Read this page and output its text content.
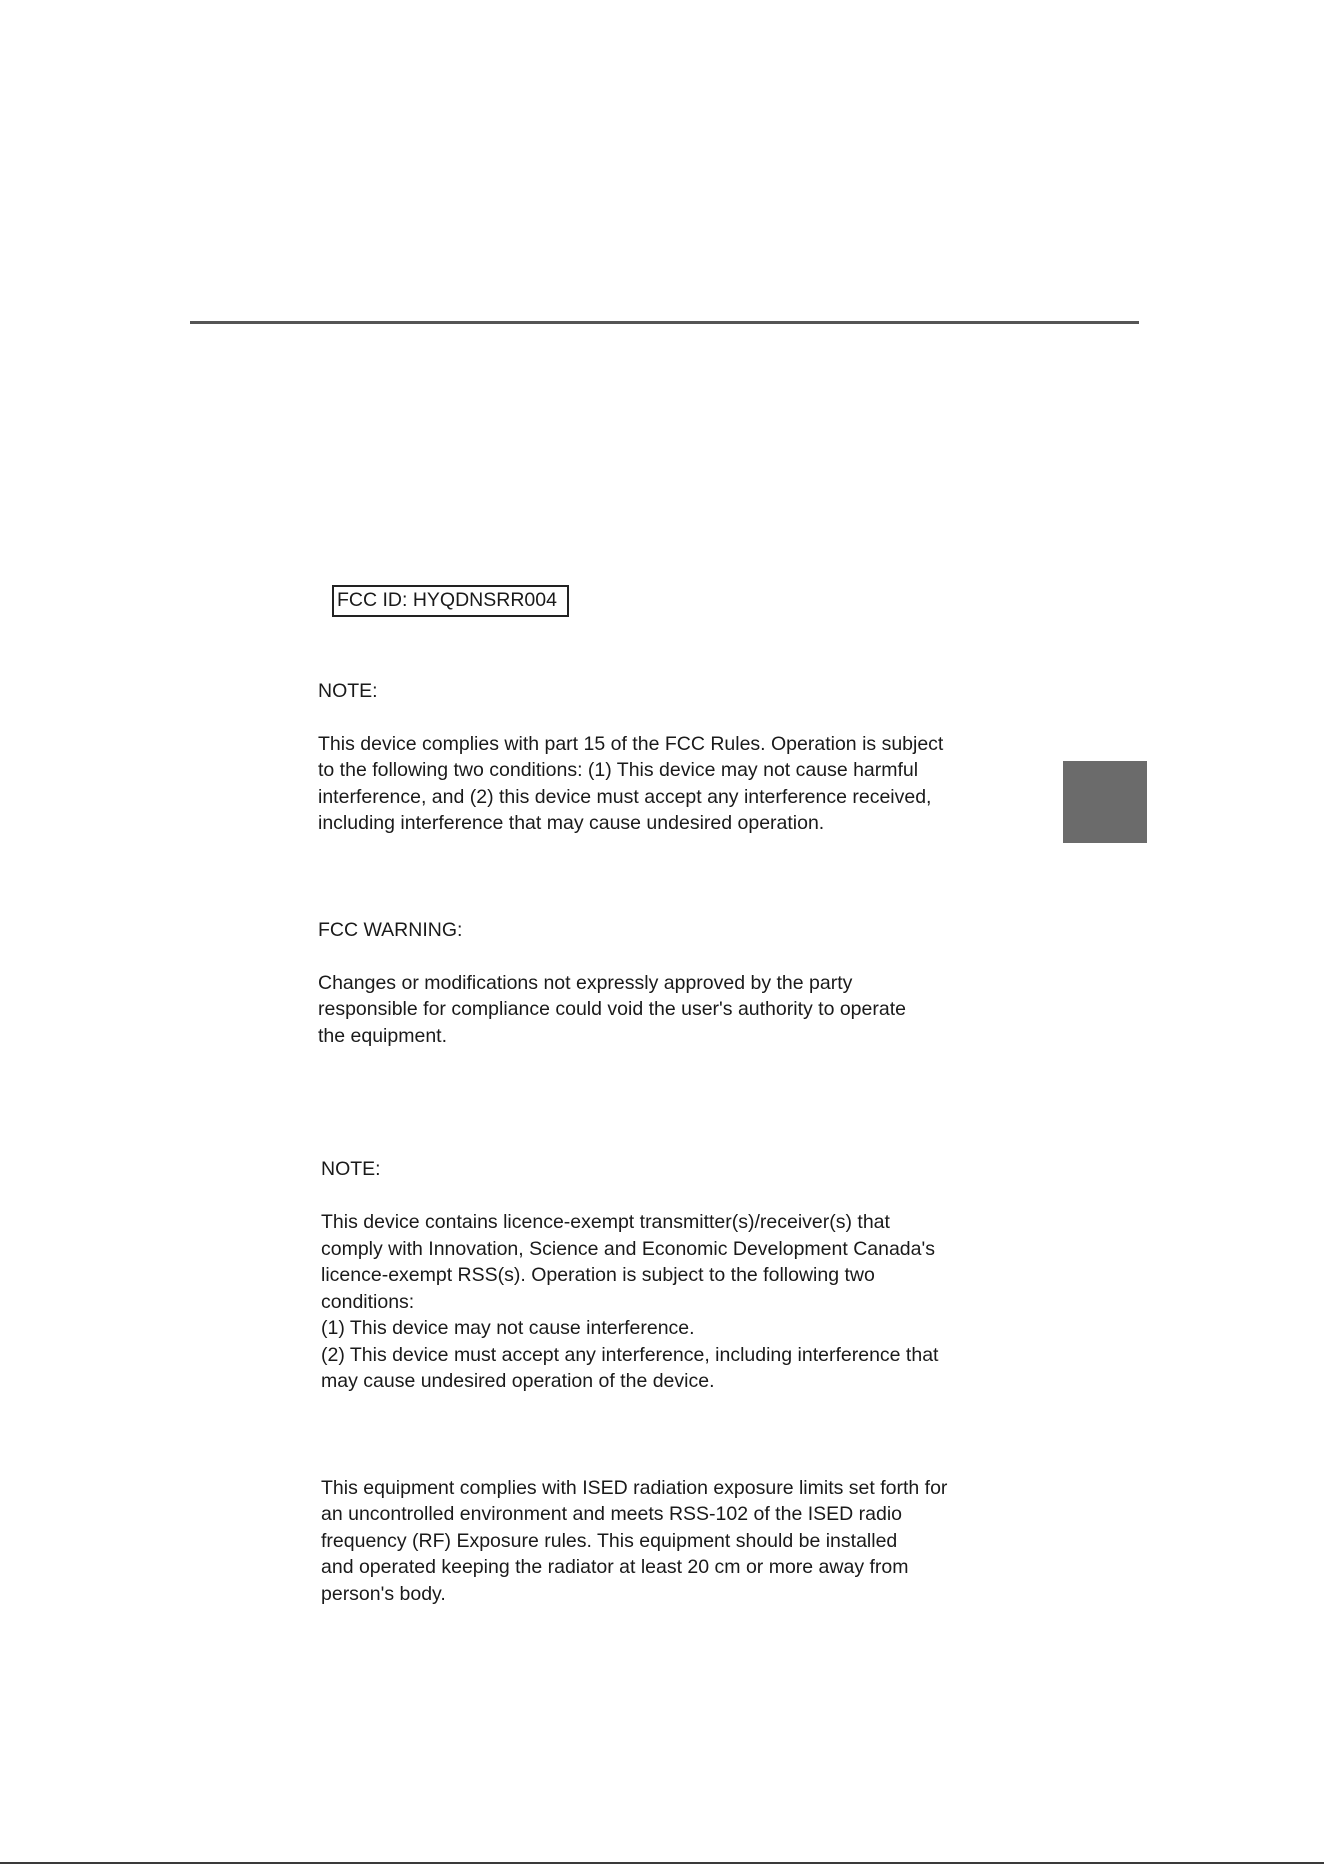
FCC ID: HYQDNSRR004

NOTE:

This device complies with part 15 of the FCC Rules. Operation is subject
to the following two conditions: (1) This device may not cause harmful
interference, and (2) this device must accept any interference received,
including interference that may cause undesired operation.

FCC WARNING:

Changes or modifications not expressly approved by the party
responsible for compliance could void the user's authority to operate
the equipment.

NOTE:

This device contains licence-exempt transmitter(s)/receiver(s) that
comply with Innovation, Science and Economic Development Canada's
licence-exempt RSS(s). Operation is subject to the following two
conditions:
(1) This device may not cause interference.
(2) This device must accept any interference, including interference that
may cause undesired operation of the device.

This equipment complies with ISED radiation exposure limits set forth for
an uncontrolled environment and meets RSS-102 of the ISED radio
frequency (RF) Exposure rules. This equipment should be installed
and operated keeping the radiator at least 20 cm or more away from
person's body.
